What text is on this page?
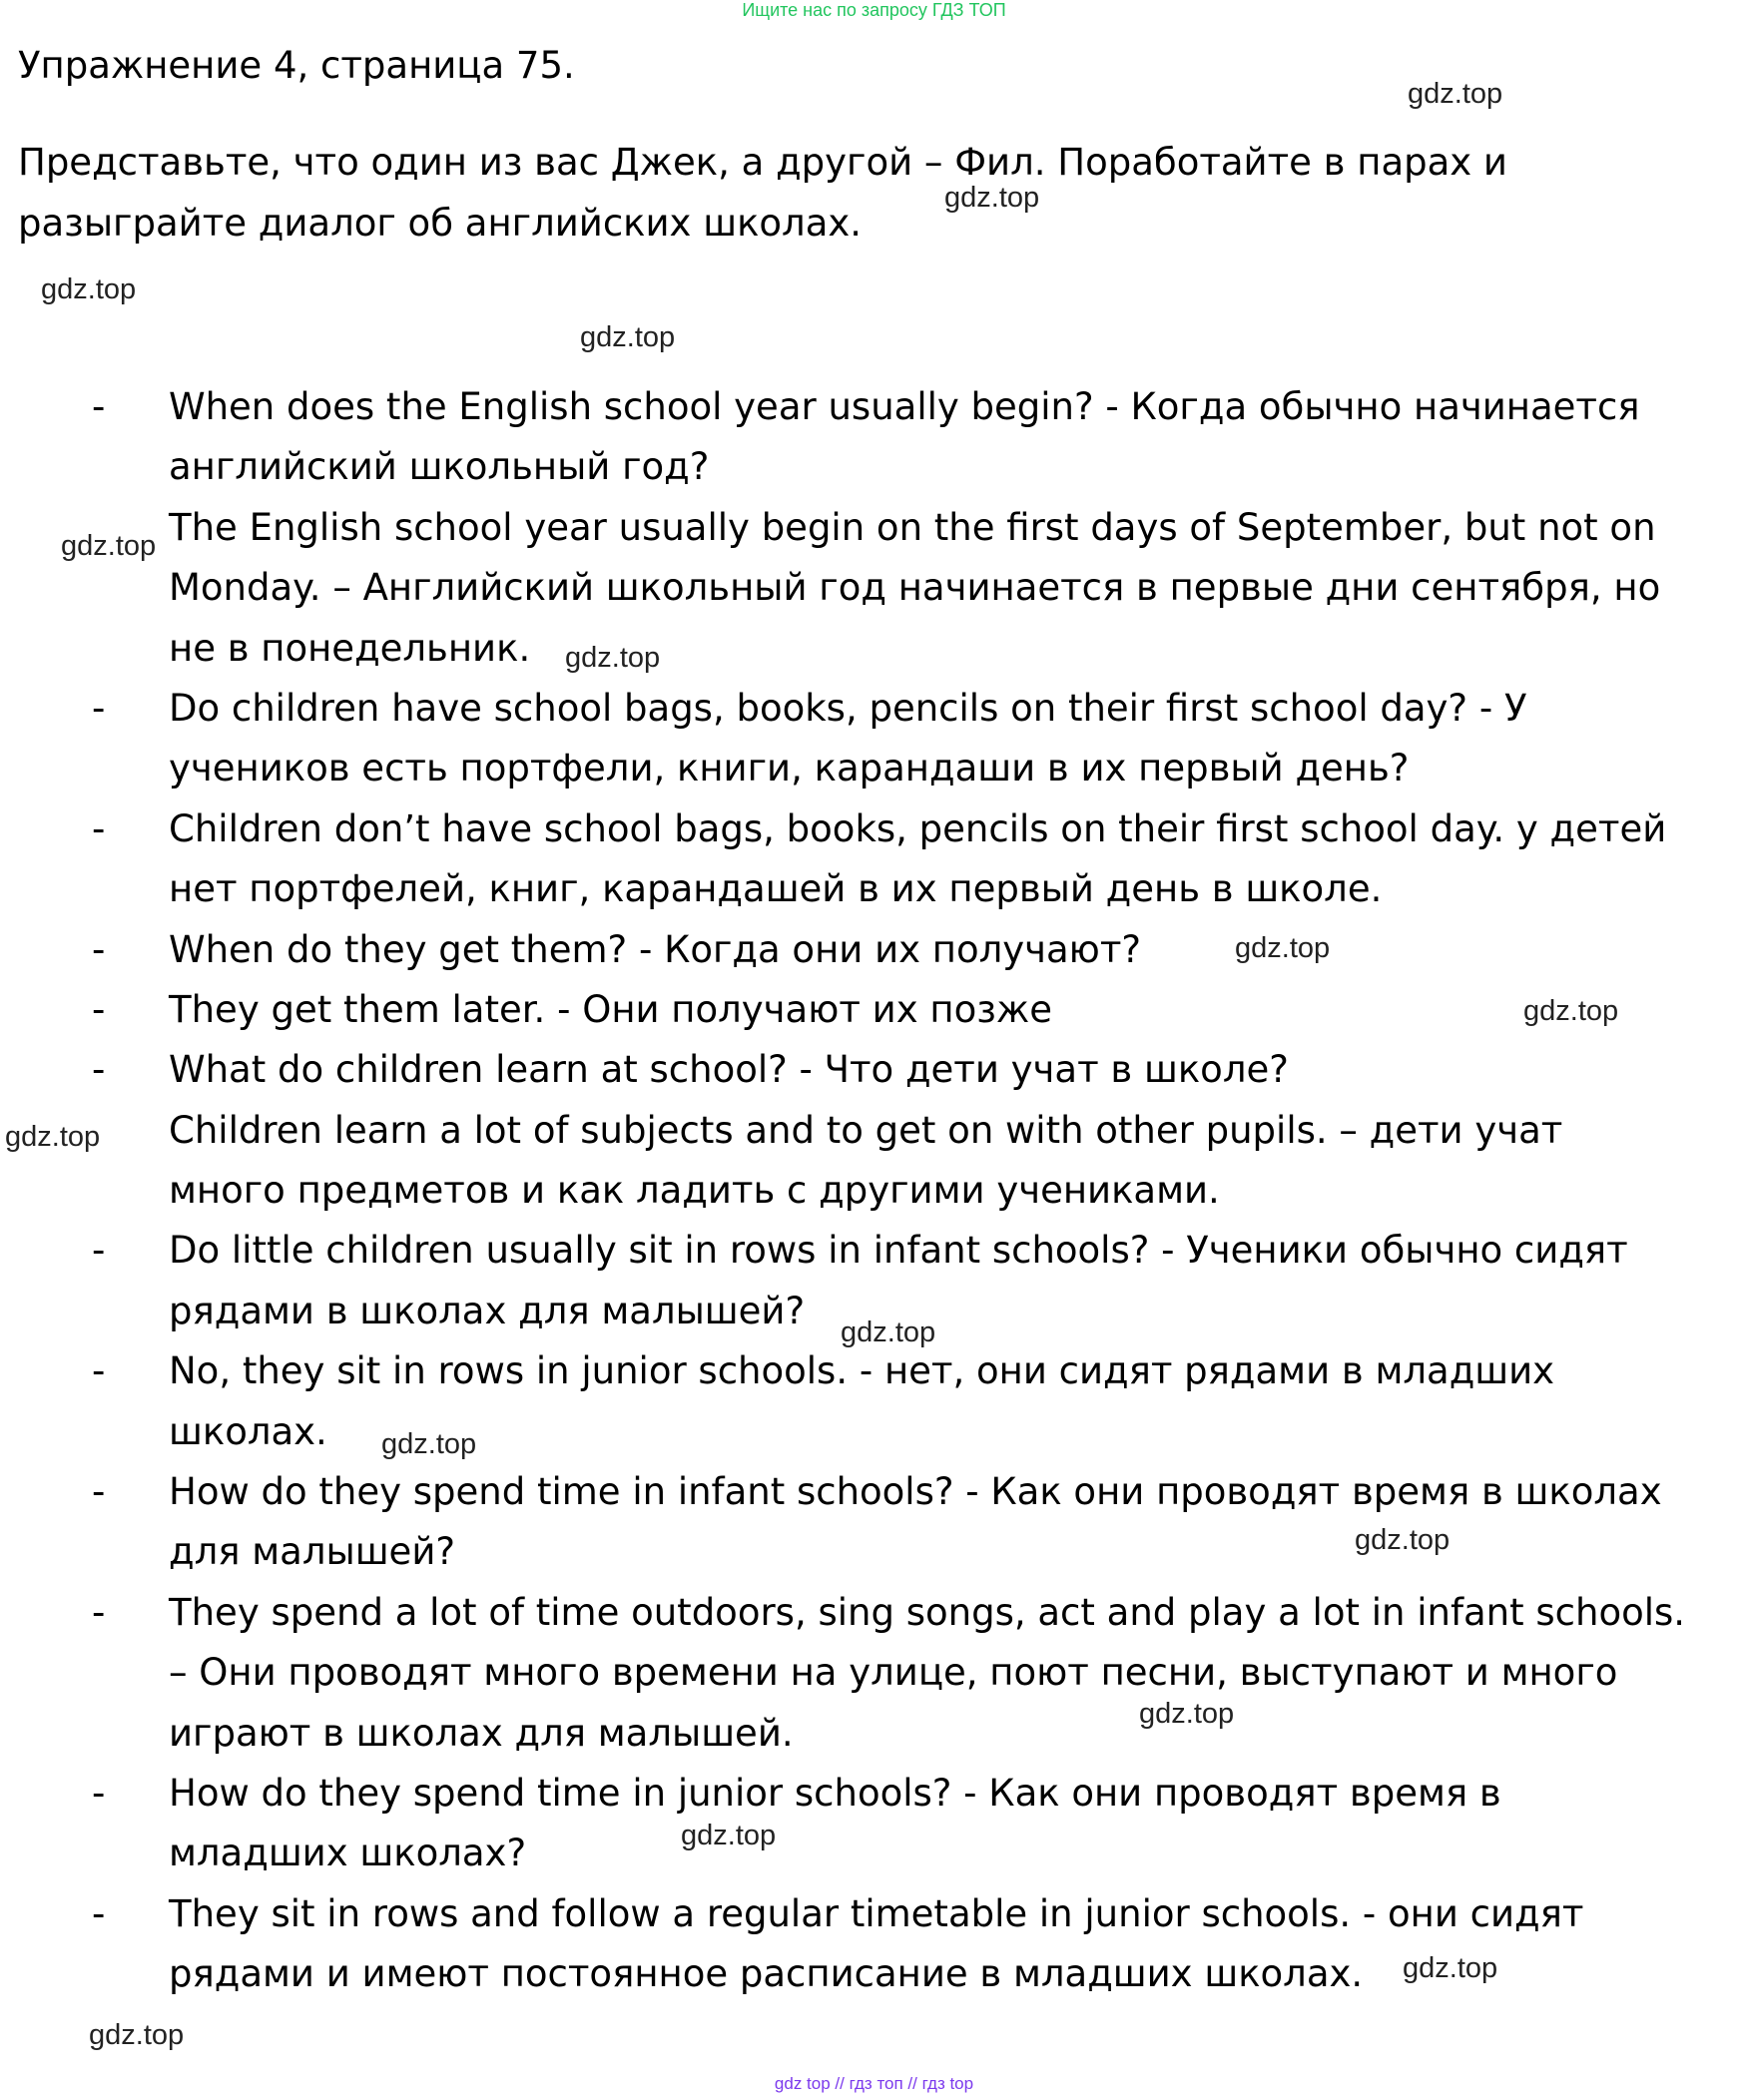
Ищите нас по запросу ГДЗ ТОП
Упражнение 4, страница 75.
Представьте, что один из вас Джек, а другой – Фил. Поработайте в парах и
разыграйте диалог об английских школах.
- When does the English school year usually begin? - Когда обычно начинается
английский школьный год?
The English school year usually begin on the first days of September, but not on
Monday. – Английский школьный год начинается в первые дни сентября, но
не в понедельник.
- Do children have school bags, books, pencils on their first school day? - У
учеников есть портфели, книги, карандаши в их первый день?
- Children don’t have school bags, books, pencils on their first school day. у детей
нет портфелей, книг, карандашей в их первый день в школе.
- When do they get them? - Когда они их получают?
- They get them later. - Они получают их позже
- What do children learn at school? - Что дети учат в школе?
Children learn a lot of subjects and to get on with other pupils. – дети учат
много предметов и как ладить с другими учениками.
- Do little children usually sit in rows in infant schools? - Ученики обычно сидят
рядами в школах для малышей?
- No, they sit in rows in junior schools. - нет, они сидят рядами в младших
школах.
- How do they spend time in infant schools? - Как они проводят время в школах
для малышей?
- They spend a lot of time outdoors, sing songs, act and play a lot in infant schools.
– Они проводят много времени на улице, поют песни, выступают и много
играют в школах для малышей.
- How do they spend time in junior schools? - Как они проводят время в
младших школах?
- They sit in rows and follow a regular timetable in junior schools. - они сидят
рядами и имеют постоянное расписание в младших школах.
gdz.top
gdz.top
gdz.top
gdz.top
gdz.top
gdz.top
gdz.top
gdz.top
gdz.top
gdz.top
gdz.top
gdz.top
gdz.top
gdz.top
gdz.top
gdz.top
gdz top // гдз топ // гдз top
